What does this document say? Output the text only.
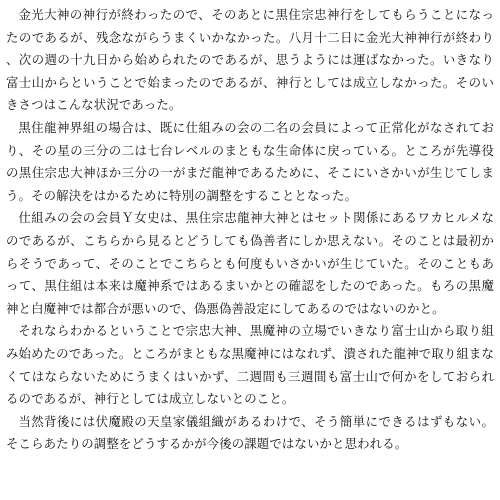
金光大神の神行が終わったので、そのあとに黒住宗忠神行をしてもらうことになったのであるが、残念ながらうまくいかなかった。八月十二日に金光大神神行が終わり、次の週の十九日から始められたのであるが、思うようには運ばなかった。いきなり富士山からということで始まったのであるが、神行としては成立しなかった。そのいきさつはこんな状況であった。

黒住龍神界組の場合は、既に仕組みの会の二名の会員によって正常化がなされており、その星の三分の二は七台レベルのまともな生命体に戻っている。ところが先導役の黒住宗忠大神ほか三分の一がまだ龍神であるために、そこにいさかいが生じてしまう。その解決をはかるために特別の調整をすることとなった。

仕組みの会の会員Ｙ女史は、黒住宗忠龍神大神とはセット関係にあるワカヒルメなのであるが、こちらから見るとどうしても偽善者にしか思えない。そのことは最初からそうであって、そのことでこちらとも何度もいさかいが生じていた。そのこともあって、黒住組は本来は魔神系ではあるまいかとの確認をしたのであった。もろの黒魔神と白魔神では都合が悪いので、偽悪偽善設定にしてあるのではないのかと。

それならわかるということで宗忠大神、黒魔神の立場でいきなり富士山から取り組み始めたのであった。ところがまともな黒魔神にはなれず、潰された龍神で取り組まなくてはならないためにうまくはいかず、二週間も三週間も富士山で何かをしておられるのであるが、神行としては成立しないとのこと。

当然背後には伏魔殿の天皇家儀組織があるわけで、そう簡単にできるはずもない。そこらあたりの調整をどうするかが今後の課題ではないかと思われる。
